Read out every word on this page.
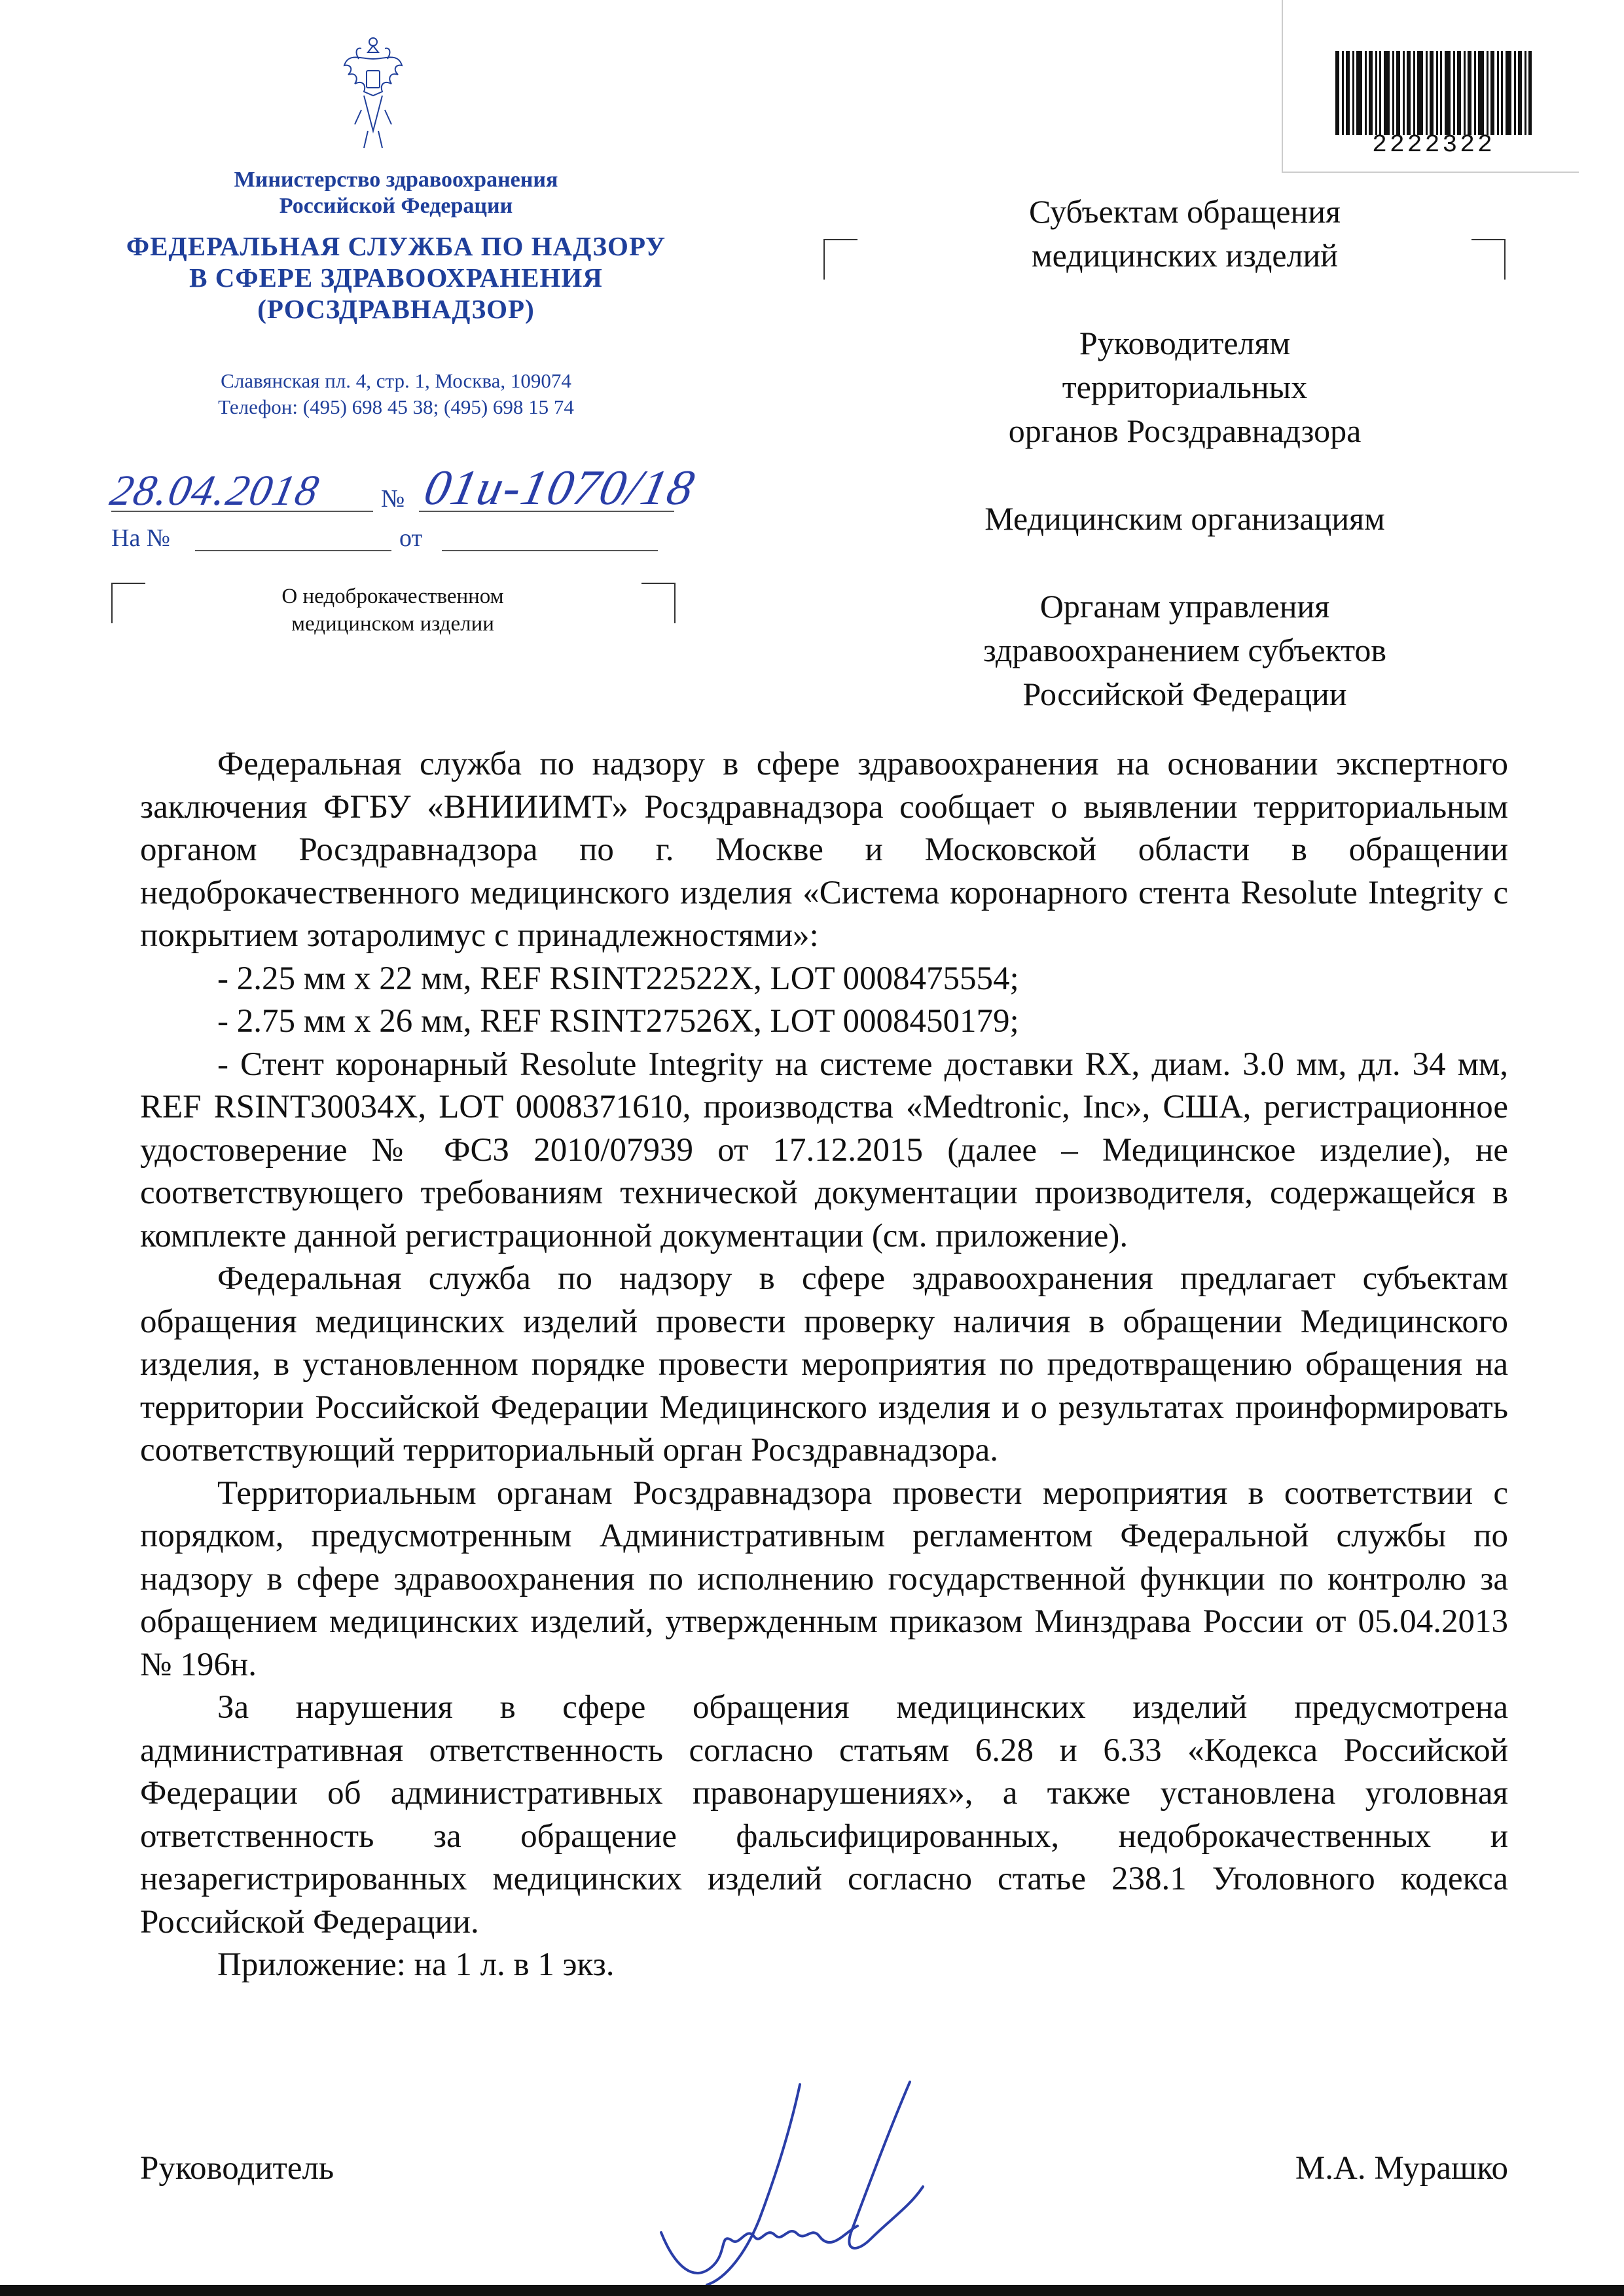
Министерство здравоохранения
Российской Федерации
ФЕДЕРАЛЬНАЯ СЛУЖБА ПО НАДЗОРУ
В СФЕРЕ ЗДРАВООХРАНЕНИЯ
(РОСЗДРАВНАДЗОР)
Славянская пл. 4, стр. 1, Москва, 109074
Телефон: (495) 698 45 38; (495) 698 15 74
28.04.2018 № 01и-1070/18
На №	от
О недоброкачественном
медицинском изделии
2222322

Субъектам обращения
медицинских изделий

Руководителям
территориальных
органов Росздравнадзора

Медицинским организациям

Органам управления
здравоохранением субъектов
Российской Федерации

Федеральная служба по надзору в сфере здравоохранения на основании экспертного заключения ФГБУ «ВНИИИМТ» Росздравнадзора сообщает о выявлении территориальным органом Росздравнадзора по г. Москве и Московской области в обращении недоброкачественного медицинского изделия «Система коронарного стента Resolute Integrity с покрытием зотаролимус с принадлежностями»:

- 2.25 мм x 22 мм, REF RSINT22522X, LOT 0008475554;

- 2.75 мм x 26 мм, REF RSINT27526X, LOT 0008450179;

- Стент коронарный Resolute Integrity на системе доставки RX, диам. 3.0 мм, дл. 34 мм, REF RSINT30034X, LOT 0008371610, производства «Medtronic, Inc», США, регистрационное удостоверение № ФСЗ 2010/07939 от 17.12.2015 (далее – Медицинское изделие), не соответствующего требованиям технической документации производителя, содержащейся в комплекте данной регистрационной документации (см. приложение).

Федеральная служба по надзору в сфере здравоохранения предлагает субъектам обращения медицинских изделий провести проверку наличия в обращении Медицинского изделия, в установленном порядке провести мероприятия по предотвращению обращения на территории Российской Федерации Медицинского изделия и о результатах проинформировать соответствующий территориальный орган Росздравнадзора.

Территориальным органам Росздравнадзора провести мероприятия в соответствии с порядком, предусмотренным Административным регламентом Федеральной службы по надзору в сфере здравоохранения по исполнению государственной функции по контролю за обращением медицинских изделий, утвержденным приказом Минздрава России от 05.04.2013 № 196н.

За нарушения в сфере обращения медицинских изделий предусмотрена административная ответственность согласно статьям 6.28 и 6.33 «Кодекса Российской Федерации об административных правонарушениях», а также установлена уголовная ответственность за обращение фальсифицированных, недоброкачественных и незарегистрированных медицинских изделий согласно статье 238.1 Уголовного кодекса Российской Федерации.

Приложение: на 1 л. в 1 экз.

Руководитель	М.А. Мурашко
